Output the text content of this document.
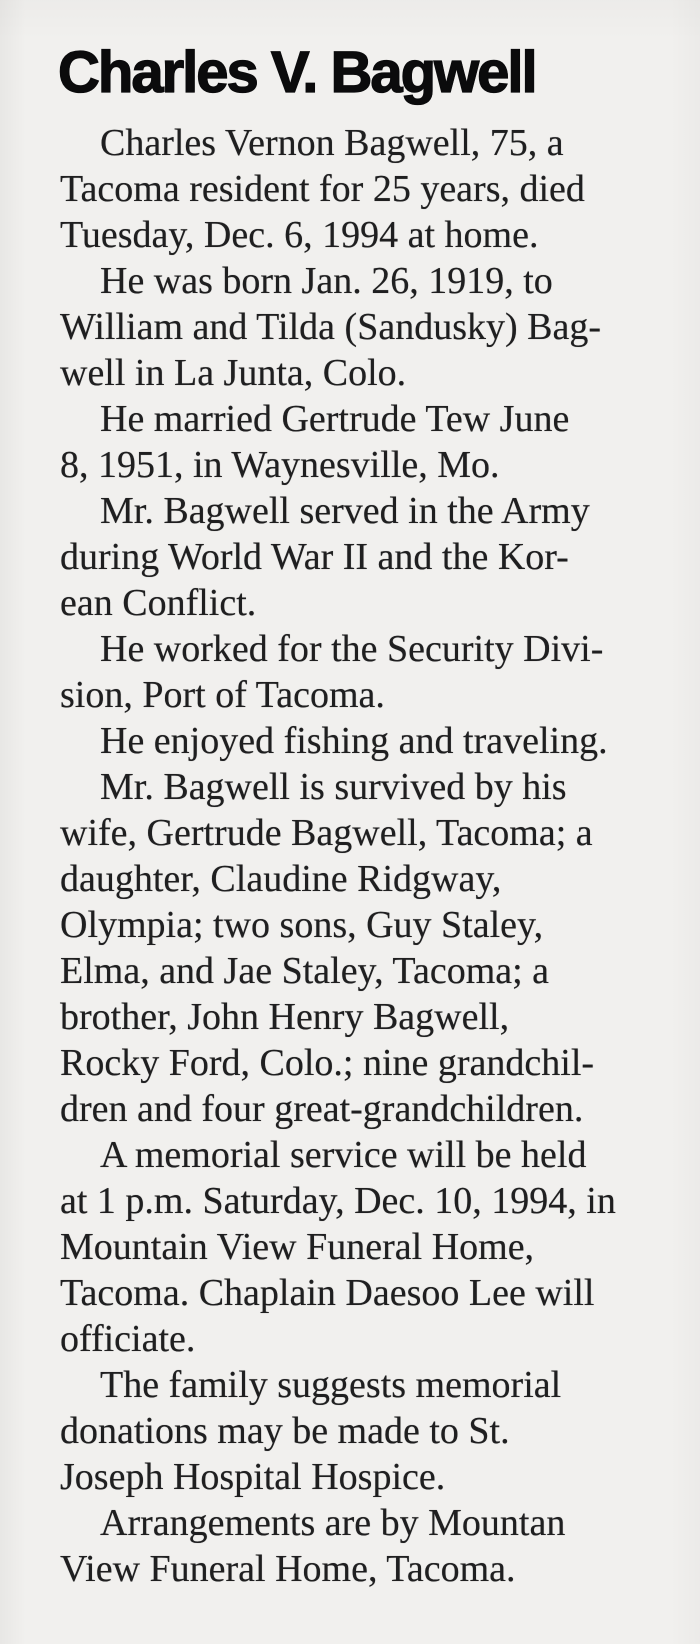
Charles V. Bagwell

Charles Vernon Bagwell, 75, a
Tacoma resident for 25 years, died
Tuesday, Dec. 6, 1994 at home.

He was born Jan. 26, 1919, to
William and Tilda (Sandusky) Bag-
well in La Junta, Colo.

He married Gertrude Tew June
8, 1951, in Waynesville, Mo.

Mr. Bagwell served in the Army
during World War II and the Kor-
ean Conflict.

He worked for the Security Divi-
sion, Port of Tacoma.

He enjoyed fishing and traveling.

Mr. Bagwell is survived by his
wife, Gertrude Bagwell, Tacoma; a
daughter, Claudine Ridgway,
Olympia; two sons, Guy Staley,
Elma, and Jae Staley, Tacoma; a
brother, John Henry Bagwell,
Rocky Ford, Colo.; nine grandchil-
dren and four great-grandchildren.

A memorial service will be held
at 1 p.m. Saturday, Dec. 10, 1994, in
Mountain View Funeral Home,
Tacoma. Chaplain Daesoo Lee will
officiate.

The family suggests memorial
donations may be made to St.
Joseph Hospital Hospice.

Arrangements are by Mountan
View Funeral Home, Tacoma.
